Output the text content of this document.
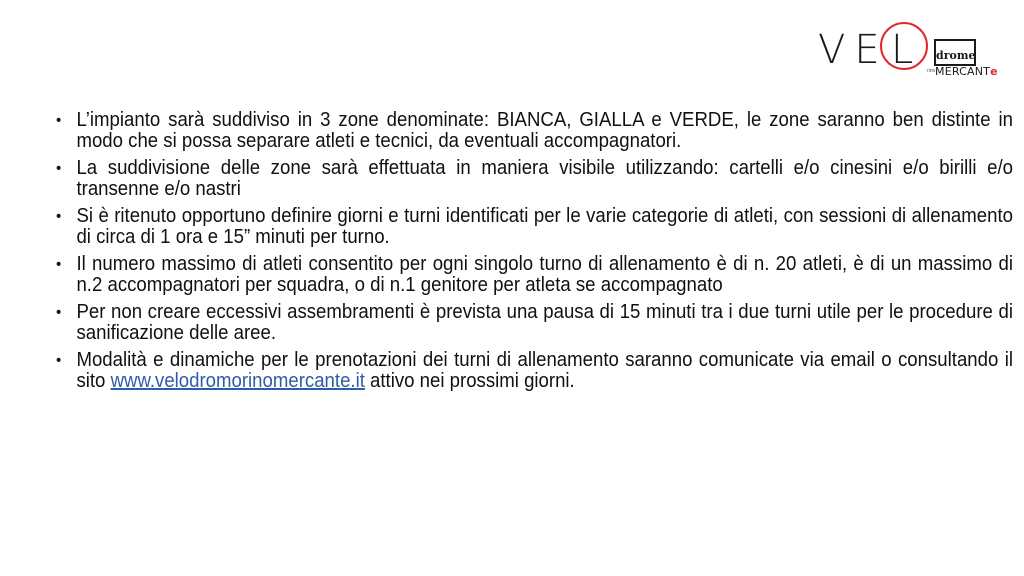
VE L drome
rino MERCANTe
• L’impianto sarà suddiviso in 3 zone denominate: BIANCA, GIALLA e VERDE, le zone saranno ben distinte in modo che si possa separare atleti e tecnici, da eventuali accompagnatori.
• La suddivisione delle zone sarà effettuata in maniera visibile utilizzando: cartelli e/o cinesini e/o birilli e/o transenne e/o nastri
• Si è ritenuto opportuno definire giorni e turni identificati per le varie categorie di atleti, con sessioni di allenamento di circa di 1 ora e 15” minuti per turno.
• Il numero massimo di atleti consentito per ogni singolo turno di allenamento è di n. 20 atleti, è di un massimo di n.2 accompagnatori per squadra, o di n.1 genitore per atleta se accompagnato
• Per non creare eccessivi assembramenti è prevista una pausa di 15 minuti tra i due turni utile per le procedure di sanificazione delle aree.
• Modalità e dinamiche per le prenotazioni dei turni di allenamento saranno comunicate via email o consultando il sito www.velodromorinomercante.it attivo nei prossimi giorni.
